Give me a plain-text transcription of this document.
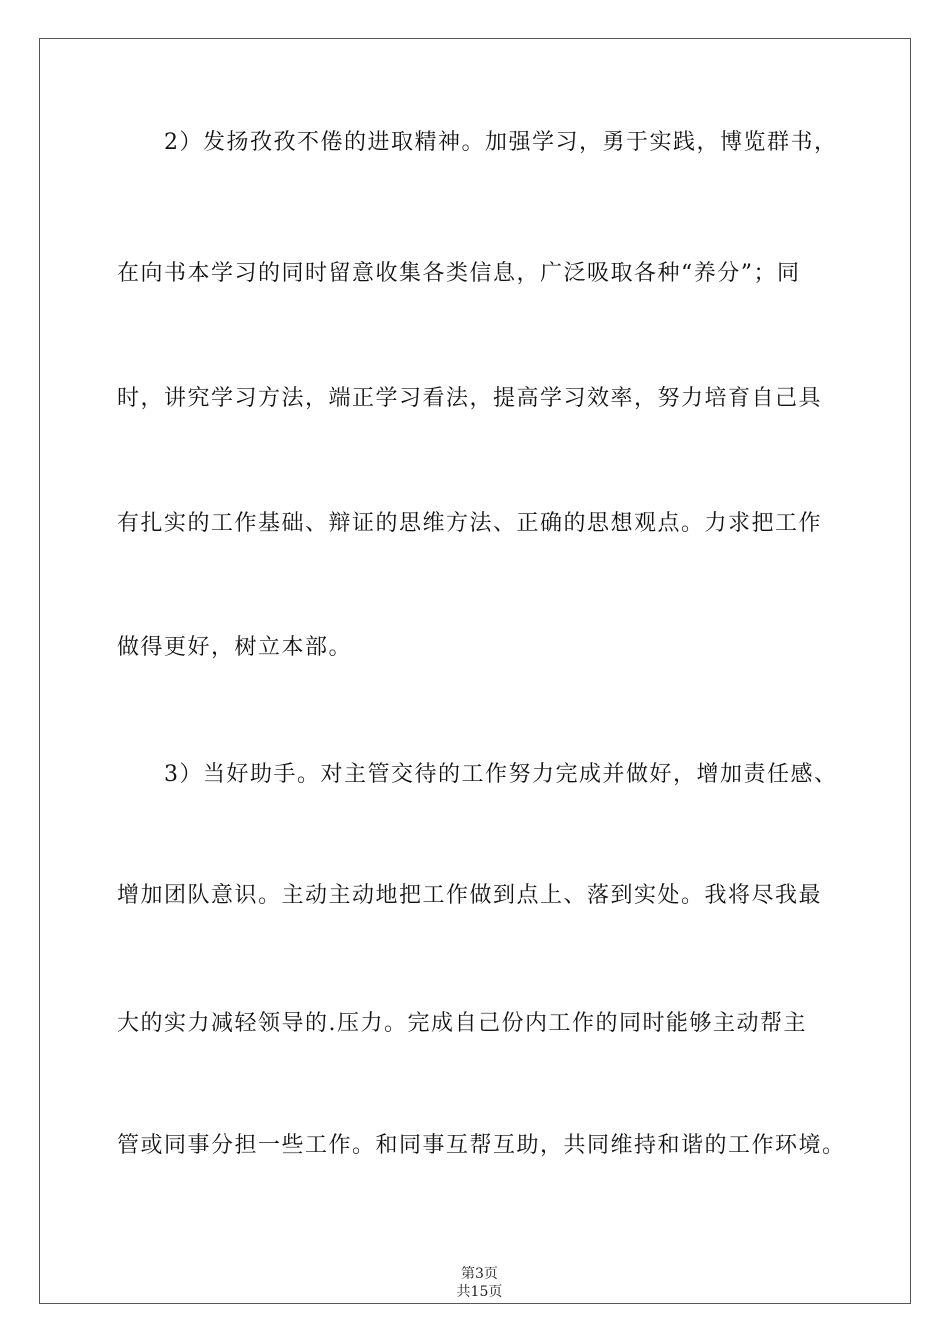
　　2）发扬孜孜不倦的进取精神。加强学习，勇于实践，博览群书，
在向书本学习的同时留意收集各类信息，广泛吸取各种“养分”；同
时，讲究学习方法，端正学习看法，提高学习效率，努力培育自己具
有扎实的工作基础、辩证的思维方法、正确的思想观点。力求把工作
做得更好，树立本部。
　　3）当好助手。对主管交待的工作努力完成并做好，增加责任感、
增加团队意识。主动主动地把工作做到点上、落到实处。我将尽我最
大的实力减轻领导的.压力。完成自己份内工作的同时能够主动帮主
管或同事分担一些工作。和同事互帮互助，共同维持和谐的工作环境。

第3页
共15页
